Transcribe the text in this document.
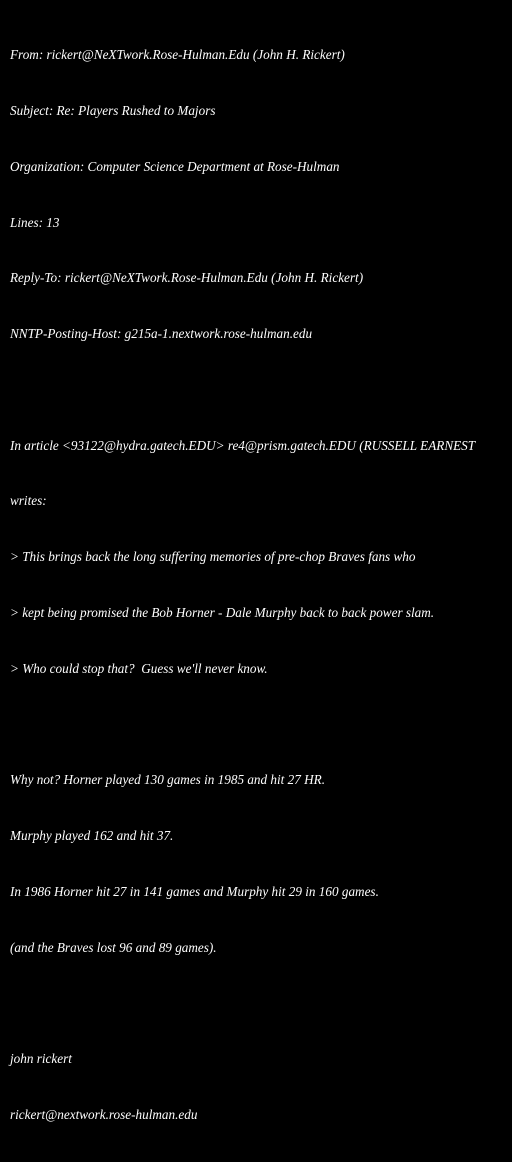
From: rickert@NeXTwork.Rose-Hulman.Edu (John H. Rickert)

Subject: Re: Players Rushed to Majors

Organization: Computer Science Department at Rose-Hulman

Lines: 13

Reply-To: rickert@NeXTwork.Rose-Hulman.Edu (John H. Rickert)

NNTP-Posting-Host: g215a-1.nextwork.rose-hulman.edu

In article <93122@hydra.gatech.EDU> re4@prism.gatech.EDU (RUSSELL EARNEST

writes:

> This brings back the long suffering memories of pre-chop Braves fans who

> kept being promised the Bob Horner - Dale Murphy back to back power slam.

> Who could stop that?  Guess we'll never know.

Why not? Horner played 130 games in 1985 and hit 27 HR.

Murphy played 162 and hit 37.

In 1986 Horner hit 27 in 141 games and Murphy hit 29 in 160 games.

(and the Braves lost 96 and 89 games).

john rickert

rickert@nextwork.rose-hulman.edu
